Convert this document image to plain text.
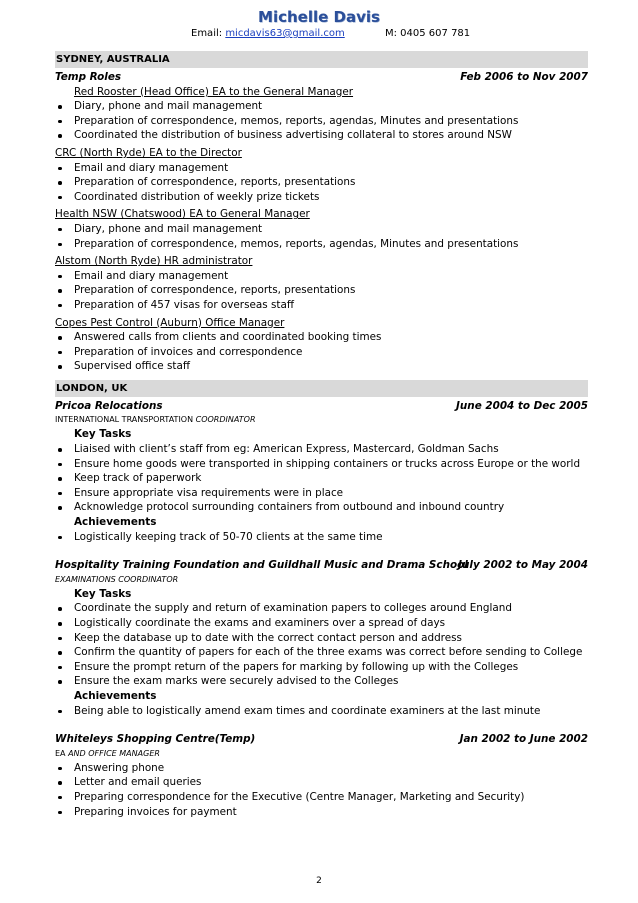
Michelle Davis
Email: micdavis63@gmail.com	M: 0405 607 781
SYDNEY, AUSTRALIA
Temp Roles	Feb 2006 to Nov 2007
Red Rooster (Head Office) EA to the General Manager
Diary, phone and mail management
Preparation of correspondence, memos, reports, agendas, Minutes and presentations
Coordinated the distribution of business advertising collateral to stores around NSW
CRC (North Ryde) EA to the Director
Email and diary management
Preparation of correspondence, reports, presentations
Coordinated distribution of weekly prize tickets
Health NSW (Chatswood) EA to General Manager
Diary, phone and mail management
Preparation of correspondence, memos, reports, agendas, Minutes and presentations
Alstom (North Ryde) HR administrator
Email and diary management
Preparation of correspondence, reports, presentations
Preparation of 457 visas for overseas staff
Copes Pest Control (Auburn) Office Manager
Answered calls from clients and coordinated booking times
Preparation of invoices and correspondence
Supervised office staff
LONDON, UK
Pricoa Relocations	June 2004 to Dec 2005
INTERNATIONAL TRANSPORTATION COORDINATOR
Key Tasks
Liaised with client’s staff from eg: American Express, Mastercard, Goldman Sachs
Ensure home goods were transported in shipping containers or trucks across Europe or the world
Keep track of paperwork
Ensure appropriate visa requirements were in place
Acknowledge protocol surrounding containers from outbound and inbound country
Achievements
Logistically keeping track of 50-70 clients at the same time
Hospitality Training Foundation and Guildhall Music and Drama School
July 2002 to May 2004
EXAMINATIONS COORDINATOR
Key Tasks
Coordinate the supply and return of examination papers to colleges around England
Logistically coordinate the exams and examiners over a spread of days
Keep the database up to date with the correct contact person and address
Confirm the quantity of papers for each of the three exams was correct before sending to College
Ensure the prompt return of the papers for marking by following up with the Colleges
Ensure the exam marks were securely advised to the Colleges
Achievements
Being able to logistically amend exam times and coordinate examiners at the last minute
Whiteleys Shopping Centre(Temp)	Jan 2002 to June 2002
EA AND OFFICE MANAGER
Answering phone
Letter and email queries
Preparing correspondence for the Executive (Centre Manager, Marketing and Security)
Preparing invoices for payment
2
